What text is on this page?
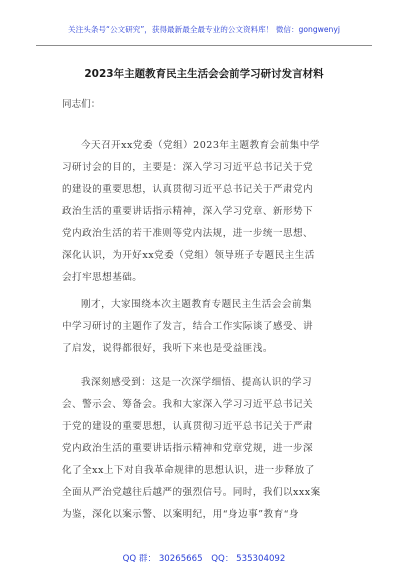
关注头条号“公文研究”，获得最新最全最专业的公文资料库！ 微信：gongwenyj
2023年主题教育民主生活会会前学习研讨发言材料
同志们：
今天召开xx党委（党组）2023年主题教育会前集中学
习研讨会的目的，主要是：深入学习习近平总书记关于党
的建设的重要思想，认真贯彻习近平总书记关于严肃党内
政治生活的重要讲话指示精神，深入学习党章、新形势下
党内政治生活的若干准则等党内法规，进一步统一思想、
深化认识，为开好xx党委（党组）领导班子专题民主生活
会打牢思想基础。
刚才，大家围绕本次主题教育专题民主生活会会前集
中学习研讨的主题作了发言，结合工作实际谈了感受、讲
了启发，说得都很好，我听下来也是受益匪浅。
我深刻感受到：这是一次深学细悟、提高认识的学习
会、警示会、筹备会。我和大家深入学习习近平总书记关
于党的建设的重要思想，认真贯彻习近平总书记关于严肃
党内政治生活的重要讲话指示精神和党章党规，进一步深
化了全xx上下对自我革命规律的思想认识，进一步释放了
全面从严治党越往后越严的强烈信号。同时，我们以xxx案
为鉴，深化以案示警、以案明纪，用“身边事”教育“身
QQ 群： 30265665 QQ： 535304092
